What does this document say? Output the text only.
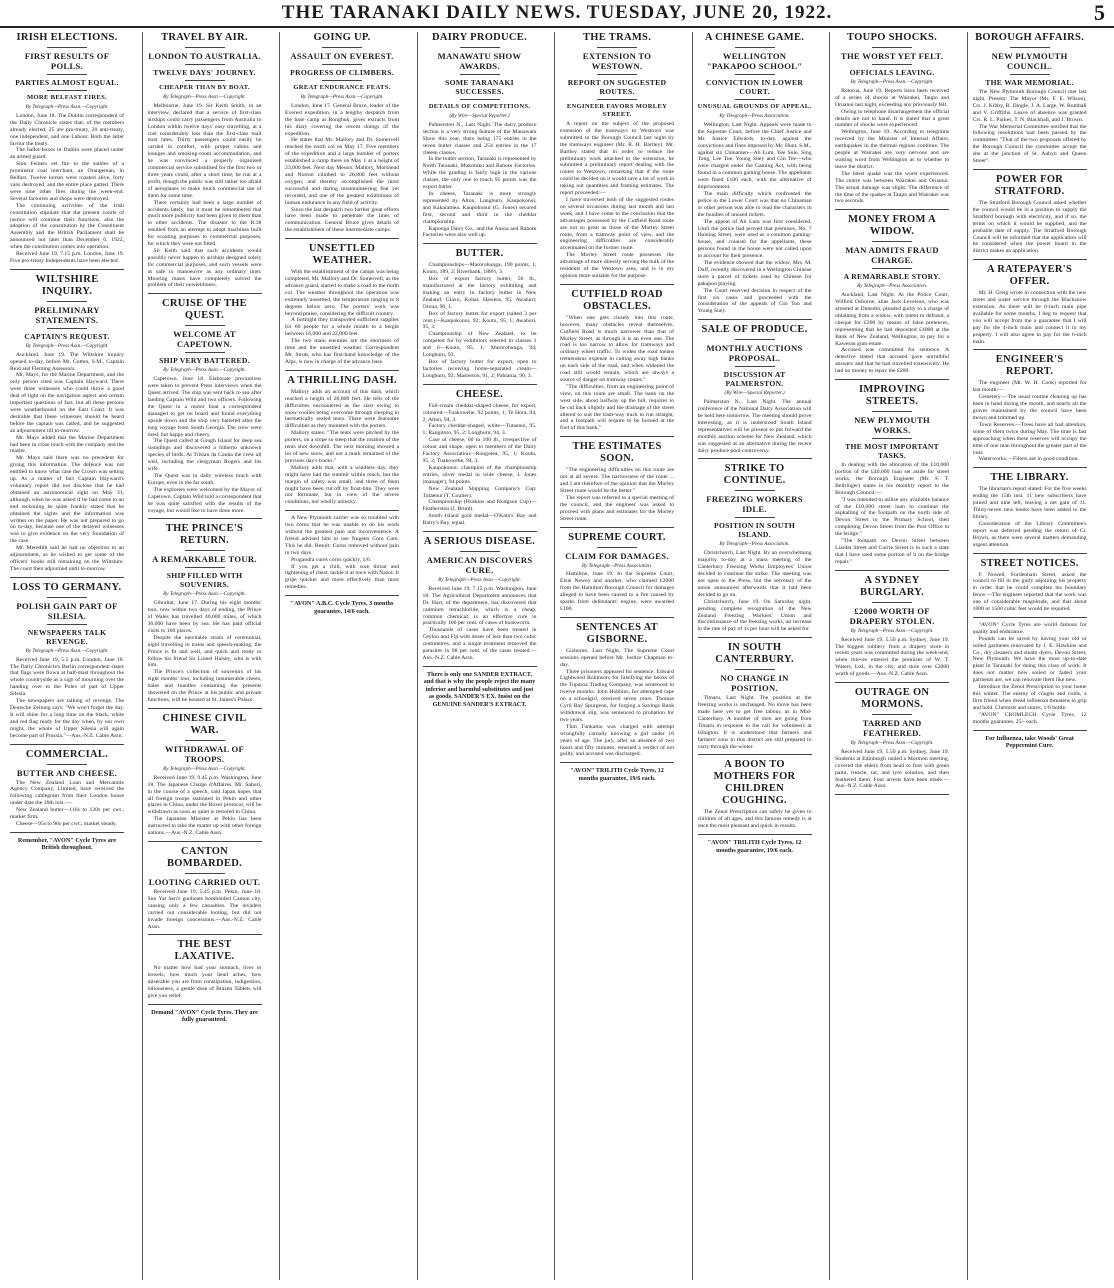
THE TARANAKI DAILY NEWS. TUESDAY, JUNE 20, 1922.	5
IRISH ELECTIONS.
FIRST RESULTS OF POLLS.
PARTIES ALMOST EQUAL.
MORE BELFAST FIRES.
By Telegraph—Press Assn.—Copyright.

London, June 18. The Dublin correspondent of the Daily Chronicle states that, of the members already elected, 25 are pro-treaty, 20 anti-treaty, one independent, and one Labour. Both the latter favour the treaty.

The ballot-boxes in Dublin were placed under an armed guard.

Sinn Feiners set fire to the stables of a prominent coal merchant, an Orangeman, in Belfast. Twelve horses were roasted alive, forty vans destroyed, and the entire place gutted. There were nine other fires during the week-end. Several factories and shops were destroyed.

The continuing activities of the Irish constitution stipulate that the present courts of justice will continue their functions, also the adoption of the constitution by the Constituent Assembly and the British Parliament shall be announced not later than December 6, 1922, when the constitution comes into operation.

Received June 19, 7.15 p.m. London, June 19. Five pro-treaty Independents have been elected.

WILTSHIRE INQUIRY.
PRELIMINARY STATEMENTS.
CAPTAIN'S REQUEST.
By Telegraph—Press Assn.—Copyright.

Auckland, June 19. The Wiltshire inquiry opened to-day, before Mr. Cutten, S.M., Captain Reid and Fleming Assessors.

Mr. Mays, for the Marine Department, and the only person cited was Captain Hayward. There were three witnesses who could throw a good deal of light on the navigation aspect and certain important questions of fact, but all these persons were weatherbound on the East Coast. It was desirable that these witnesses should be heard before the captain was called, and he suggested an adjournment till to-morrow.

Mr. Mays added that the Marine Department had been in close touch with the company and the master.

Mr. Mays said there was no precedent for giving this information. The defence was not entitled to know what case the Crown was setting up. As a matter of fact Captain Hayward's voluntary report did not disclose that he had obtained an astronomical sight on May 31, although when he was asked if he had come to an end reckoning he quite frankly stated that he obtained the sights and the information was written on the paper. He was not prepared to go on to-day, because one of the delayed witnesses was to give evidence on the very foundation of the case.

Mr. Meredith said he had no objection to an adjournment, as he wished to get some of the officers' books still remaining on the Wiltshire. The court then adjourned until to-morrow.

LOSS TO GERMANY.
POLISH GAIN PART OF SILESIA.
NEWSPAPERS TALK REVENGE.
By Telegraph—Press Assn.—Copyright.

Received June 19, 5.5 p.m. London, June 18. The Daily Chronicle's Berlin correspondent states that flags were flown at half-mast throughout the whole countryside as a sign of mourning over the handing over to the Poles of part of Upper Silesia.

The newspapers are talking of revenge. The Deutsche Zeitung says: "We won't forget the day. It will shine for a long time on the black, white and red flag ready for the day when, by our own might, the whole of Upper Silesia will again become part of Prussia."—Aus.-N.Z. Cable Assn.

COMMERCIAL.
BUTTER AND CHEESE.

The New Zealand Loan and Mercantile Agency Company, Limited, have received the following cablegram from their London house under date the 16th inst.:—

New Zealand butter—116s to 120s per cwt.; market firm.

Cheese—95s to 96s per cwt.; market steady.

Remember, "AVON" Cycle Tyres are British throughout.
TRAVEL BY AIR.
LONDON TO AUSTRALIA.
TWELVE DAYS' JOURNEY.
CHEAPER THAN BY BOAT.
By Telegraph—Press Assn.—Copyright.

Melbourne, June 19. Sir Keith Smith, in an interview, declared that a service of first-class airships could carry passengers from Australia to London within twelve days' easy travelling, at a cost considerably less than the first-class mail boat rates. Thirty passengers could easily be carried in comfort, with proper cabins and lounges and smoking-room accommodation, and he was convinced a properly organised commercial service subsidised for the first two or three years could, after a short time, be run at a profit, though the public was still rather too afraid of aeroplanes to make much commercial use of them for some time.

There certainly had been a large number of accidents lately, but it must be remembered that much more publicity had been given to them than to other accidents. The disaster to the R.38 resulted from an attempt to adopt machines built for scouting purposes to commercial purposes, for which they were not fitted.

Sir Keith said that such accidents would possibly never happen to airships designed solely for commercial purposes, and such vessels were as safe to manoeuvre as any ordinary liner. Mooring masts have completely solved the problem of their unwieldiness.

CRUISE OF THE QUEST.
WELCOME AT CAPETOWN.
SHIP VERY BATTERED.
By Telegraph—Press Assn.—Copyright.

Capetown, June 18. Elaborate precautions were taken to prevent Press interviews when the Quest arrived. The ship was sent back to sea after landing Captain Wild and two officers. Following the Quest in a motor boat a correspondent managed to get on board and found everything upside down and the ship very battered after the long voyage from South Georgia. The crew were tired, but happy and cheery.

The Quest called at Gough Island for deep sea soundings and discovered a hitherto unknown species of birds. At Tristan da Cunha the crew all well, including the clergyman Rogers and his wife.

The Quest was in daily wireless touch with Europe, even in the far south.

The explorers were welcomed by the Mayor of Capetown. Captain Wild told a correspondent that he was quite satisfied with the results of the voyage, but would like to have done more.

THE PRINCE'S RETURN.
A REMARKABLE TOUR.
SHIP FILLED WITH SOUVENIRS.
By Telegraph—Press Assn.—Copyright.

Gibraltar, June 17. During his eight months' tour, now within two days of ending, the Prince of Wales has travelled 40,000 miles, of which 36,000 have been by sea. He has paid official visits to 160 places.

Despite the inevitable strain of ceremonial, night travelling in trains and speech-making, the Prince is fit and well, and quick and ready to follow his friend Sir Lionel Halsey, who is with him.

The Prince's collection of souvenirs of his eight months' tour, including innumerable chests, bales and bundles containing the presents showered on the Prince at his public and private functions, will be housed at St. James's Palace.

CHINESE CIVIL WAR.
WITHDRAWAL OF TROOPS.
By Telegraph—Press Assn.—Copyright.

Received June 19, 9.45 p.m. Washington, June 18. The Japanese Charge d'Affaires, Mr. Saburi, in the course of a speech, said Japan hopes that all foreign troops stationed in Pekin and other places in China, under the Boxer protocol, will be withdrawn as soon as quiet is restored in China.

The Japanese Minister at Pekin has been instructed to take the matter up with other foreign nations.—Aus.-N.Z. Cable Assn.

CANTON BOMBARDED.
LOOTING CARRIED OUT.

Received June 19, 5.45 p.m. Pekin, June 18. Sun Yat Sen's gunboats bombarded Canton city, causing only a few casualties. The invaders carried out considerable looting, but did not invade foreign concessions.—Aus.-N.Z. Cable Assn.

THE BEST LAXATIVE.

No matter how bad your stomach, liver or bowels, how much your head aches, how miserable you are from constipation, indigestion, biliousness, a gentle dose of Brazen Tablets will give you relief.

Demand "AVON" Cycle Tyres. They are fully guaranteed.
GOING UP.
ASSAULT ON EVEREST.
PROGRESS OF CLIMBERS.
GREAT ENDURANCE FEATS.
By Telegraph—Press Assn.—Copyright.

London, June 17. General Bruce, leader of the Everest expedition, in a lengthy despatch from the base camp at Rongbuk, gives extracts from his diary covering the recent doings of the expedition.

He states that Mr. Mallory and Dr. Somervell reached the north col on May 17. Five members of the expedition and a large number of porters established a camp there on May 1 at a height of 23,000 feet. Next day Messrs. Mallory, Morshead and Norton climbed to 26,800 feet without oxygen, and thereby accomplished the most successful and daring mountaineering feat yet recorded, and one of the greatest exhibitions of human endurance in any field of activity.

Since the last despatch two further great efforts have been made to penetrate the lines of communication. General Bruce gives details of the establishment of these intermediate camps.

UNSETTLED WEATHER.

With the establishment of the camps was being completed, Mr. Mallory and Dr. Somervell, as the advance guard, started to make a road to the north col. The weather throughout the operation was extremely unsettled, the temperature ranging to 8 degrees below zero. The porters' work was beyond praise, considering the difficult country.

A fortnight they transported sufficient supplies for 60 people for a whole month to a height between 16,000 and 22,000 feet.

The two main enemies are the shortness of time and the unsettled weather. Correspondent Mr. Strutt, who has first-hand knowledge of the Alps, is now in charge of the advance base.

A THRILLING DASH.

Mallory adds an account of this dash, which reached a height of 26,800 feet. He tells of the difficulties encountered as the start owing to snow coolies being overcome through sleeping in hermetically sealed tents. There were fearsome difficulties as they mounted with the porters.

Mallory states: "The tents were pitched by the porters, on a slope so steep that the rotation of the tents shot downhill. The next morning showed a lot of new snow, and not a mark remained of the previous day's tracks."

Mallory adds that, with a windless day, they might have had the summit within reach, but the margin of safety was small, and three of them might have been cut off by frost-bite. They were not fortunate, but in view of the severe conditions, not wholly unlucky.

A New Plymouth carrier was so troubled with two corns that he was unable to do his work without the greatest pain and inconvenience. A friend advised him to use Nugeen Corn Cure. This he did. Result: Corns removed without pain in two days.

Progandra cures corns quickly, 1/6.

If you get a chill, with sore throat and tightening of chest, tackle it at once with Nazol. It gripe quicker and more effectively than most remedies.

"AVON" A.B.C. Cycle Tyres, 3 months guarantee, 14/6 each.
DAIRY PRODUCE.
MANAWATU SHOW AWARDS.
SOME TARANAKI SUCCESSES.
DETAILS OF COMPETITIONS.
(By Wire—Special Reporter.)

Palmerston N., Last Night. The dairy produce section is a very strong feature of the Manawatu Show this year, there being 175 entries in the seven butter classes and 254 entries in the 17 cheese classes.

In the butter section, Taranaki is represented by North Taranaki, Makotuku and Rahotu Factories. While the grading is fairly high in the various classes, the only one to touch 95 points was the export butter.

In cheese, Taranaki is more strongly represented by Alton, Longburn, Kaupokonui, and Kakaramea. Kaupokonui (G. Jones) secured first, second and third in the cheddar championship.

Kaponga Dairy Co., and the Auroa and Rahotu Factories were also well up.

BUTTER.

Championships—Marorohunga, 190 points, 1; Koutu, 189, 2; Riverbank, 188½, 3.

Box of export factory butter, 56 lb., manufactured at the factory exhibiting and making an entry in factory butter in New Zealand: Glaxo, Kohai; Hawera, 95; Awahuri; Oroua, 96, 1.

Box of factory butter for export (salted 3 per cent.)—Kaupokonui, 92; Koutu, 95, 1; Awahuri, 95, 3.

Championship of New Zealand, to be competed for by exhibitors entered in classes 1 and 6—Koutu, 95, 1; Marorohunga, 94; Longburn, 93.

Box of factory butter for export, open to factories receiving home-separated cream—Longburn, 92; Masterton, 91, 2; Pahiatua, 90, 3.

CHEESE.

Full-cream cheddar-shaped cheese, for export, coloured—Tuakowehe, 92 points, 1; Te Hora, 94, 2; Alton, 94, 3.

Factory cheddar-shaped, white—Tutaenui, 95, 1; Rangitoto, 95, 2; Longburn, 94, 3.

Case of cheese, 60 to 100 lb., irrespective of colour and shape, open to members of the Dairy Factory Association—Rongotea, 95, 1; Koutu, 95, 2; Tuakowehe, 94, 3.

Kaupokonui: champion of the championship entries, silver medal in wide cheese, J. Jones (manager), 94 points.

New Zealand Shipping Company's Cup: Tutaenui (T. Coulter).

Championship (Hoskins and Hodgson Cup)—Featherston (J. Brunt).

South Island gold medal—O'Kain's Bay and Barry's Bay, equal.

A SERIOUS DISEASE.
AMERICAN DISCOVERS CURE.
By Telegraph—Press Assn.—Copyright.

Received June 19, 7.15 p.m. Washington, June 18. The Agricultural Department announces that Dr. Hart, of the department, has discovered that cadmium tetrachloride, which is a cheap, common chemical, is an effective cure in practically 100 per cent. of cases of hookworm.

Thousands of cases have been treated in Ceylon and Fiji with doses of less than two cubic centimetres, and a single treatment removed the parasites in 98 per cent. of the cases treated.—Aus.-N.Z. Cable Assn.

There is only one SANDER EXTRACT, and that is why the people reject the many inferior and harmful substitutes and just as goods. SANDER'S EX. Insist on the GENUINE SANDER'S EXTRACT.
THE TRAMS.
EXTENSION TO WESTOWN.
REPORT ON SUGGESTED ROUTES.
ENGINEER FAVORS MORLEY STREET.

A report on the subject of the proposed extension of the tramways to Westown was submitted to the Borough Council last night by the tramways engineer (Mr. R. H. Bartley). Mr. Bartley stated that in order to reduce the preliminary work attached to the extension, he submitted a preliminary report dealing with the routes to Westown, remarking that if the route could be decided on it would save a lot of work in taking out quantities and framing estimates. The report proceeded:—

I have traversed both of the suggested routes on several occasions during last month and last week, and I have come to the conclusion that the advantages possessed by the Cutfield Road route are not so great as those of the Morley Street route, from a tramway point of view, and the engineering difficulties are considerably accentuated on the former route.

The Morley Street route possesses the advantage of more directly serving the bulk of the residents of the Westown area, and is in my opinion more suitable for the purpose.

CUTFIELD ROAD OBSTACLES.

"When one gets closely into this route, however, many obstacles reveal themselves. Cutfield Road is much narrower than that of Morley Street, as through it is an even one. The road is too narrow to allow for tramways and ordinary wheel traffic. To widen the road means tremendous expense in cutting away high banks on each side of the road, and when widened the road still would remain, which are always a source of danger on tramway routes."

"The difficulties, from an engineering point of view, on this route are small. The bank on the west side, about halfway up the hill, requires to be cut back slightly and the drainage of the street altered to suit the tram-way track to run straight, and a footpath will require to be formed at the foot of this bank."

THE ESTIMATES SOON.

"The engineering difficulties on this route are not at all severe. The narrowness of the route ... and I am therefore of the opinion that the Morley Street route would be the better."

The report was referred to a special meeting of the council, and the engineer was asked to proceed with plans and estimates for the Morley Street route.

SUPREME COURT.
CLAIM FOR DAMAGES.
By Telegraph—Press Association.

Hamilton, June 19. In the Supreme Court, Elsie Newey and another, who claimed £2000 from the Hamilton Borough Council for damages alleged to have been caused to a fire caused by sparks from defendants' engine, were awarded £100.

SENTENCES AT GISBORNE.

Gisborne, Last Night. The Supreme Court sessions opened before Mr. Justice Chapman to-day.

Three prisoners appeared for sentence. Edward Lightwood Robinson, for falsifying the books of the Tuparoa Trading Company, was sentenced to twelve months. John Hobbins, for attempted rape on a schoolgirl, received seven years. Thomas Cyril Ray Spurgeon, for forging a Savings Bank withdrawal slip, was sentenced to probation for two years.

Thm Tunkamo was charged with attempt wrongfully carnally knowing a girl under 16 years of age. The jury, after an absence of two hours and fifty minutes, returned a verdict of not guilty, and accused was discharged.

"AVON" TRILITH Cycle Tyres, 12 months guarantee, 19/6 each.
A CHINESE GAME.
WELLINGTON "PAKAPOO SCHOOL"
CONVICTION IN LOWER COURT.
UNUSUAL GROUNDS OF APPEAL.
By Telegraph—Press Association.

Wellington, Last Night. Appeals were made to the Supreme Court, before the Chief Justice and Mr. Justice Edwards, to-day, against the convictions and fines imposed by Mr. Hunt, S.M., against six Chinamen—Ah Lum, Yee Suie, Sing Tong, Lee Toe, Young Suey and Gin Tee—who were charged under the Gaming Act, with being found in a common gaming house. The appellants were fined £100 each, with the alternative of imprisonment.

The main difficulty which confronted the police in the Lower Court was that no Chinaman or other person was able to read the characters in the bundles of unused tickets.

The appeal of Ah Lum was first considered. Until the police had proved that premises, No. 7 Haining Street, were used as a common gaming-house, and counsel for the appellants, these persons found in the house were not called upon to account for their presence.

The evidence showed that the widow, Mrs. M. Duff, recently discovered in a Wellington Chinese store a parcel of tickets used by Chinese for pakapoo playing.

The Court reserved decision in respect of the first six cases and proceeded with the consideration of the appeals of Gin Ton and Young Suey.

SALE OF PRODUCE.
MONTHLY AUCTIONS PROPOSAL.
DISCUSSION AT PALMERSTON.
(By Wire—Special Reporter.)

Palmerston N., Last Night. The annual conference of the National Dairy Association will be held here tomorrow. The meeting should prove interesting, as it is understood South Island representatives will be present to put forward the monthly auction scheme for New Zealand, which was suggested as an alternative during the recent dairy produce pool controversy.

STRIKE TO CONTINUE.
FREEZING WORKERS IDLE.
POSITION IN SOUTH ISLAND.
By Telegraph—Press Association.

Christchurch, Last Night. By an overwhelming majority to-day at a mass meeting of the Canterbury Freezing Works Employees' Union decided to continue the strike. The meeting was not open to the Press, but the secretary of the union announced afterwards that it had been decided to go on.

Christchurch, June 19. On Saturday night, pending complete recognition of the New Zealand Freezing Workers' Union and discontinuance of the freezing works, an increase in the rate of pay of 1s per hour will be asked for.

IN SOUTH CANTERBURY.
NO CHANGE IN POSITION.

Timaru, Last Night. The position at the freezing works is unchanged. No move has been made here yet to get free labour, as in Mid-Canterbury. A number of men are going from Timaru in response to the call for volunteers at Islington. It is understood that farmers and farmers' sons in this district are still prepared to carry through the winter.

A BOON TO MOTHERS FOR CHILDREN COUGHING.

The Zenol Prescription can safely be given to children of all ages, and this famous remedy is at once the most pleasant and quick in results.

"AVON" TRILITH Cycle Tyres, 12 months guarantee, 19/6 each.
TOUPO SHOCKS.
THE WORST YET FELT.
OFFICIALS LEAVING.
By Telegraph—Press Assn.—Copyright.

Rotorua, June 19. Reports have been received of a series of shocks at Wairakei, Taupo and Oruanui last night, exceeding any previously felt.

Owing to telephone disarrangement the official details are not to hand. It is stated that a great number of shocks were experienced.

Wellington, June 19. According to telegrams received by the Minister of Internal Affairs, earthquakes in the thermal regions continue. The people at Wairakei are very nervous and are waiting word from Wellington as to whether to leave the district.

The latest quake was the worst experienced. The centre was between Wairakei and Oruanui. The actual damage was slight. The difference of the time of the quakes at Taupo and Wairakei was two seconds.

MONEY FROM A WIDOW.
MAN ADMITS FRAUD CHARGE.
A REMARKABLE STORY.
By Telegraph—Press Association.

Auckland, Last Night. At the Police Court, Wilfred Osborne, alias Jack Leveison, who was arrested at Dunedin, pleaded guilty to a charge of obtaining from a widow, with intent to defraud, a cheque for £200 by means of false pretences, representing that he had deposited £4000 at the Bank of New Zealand, Wellington, to pay for a Kawerau gum estate.

Accused was committed for sentence. A detective stated that accused gave untruthful answers and that he had travelled extensively. He had no money to repay the £200.

IMPROVING STREETS.
NEW PLYMOUTH WORKS.
THE MOST IMPORTANT TASKS.

In dealing with the allocation of the £10,000 portion of the £40,000 loan set aside for street works, the Borough Engineer (Mr. F. T. Bellringer) states in his monthly report to the Borough Council:—

"I was intended to utilise any available balance of the £10,000 street loan to continue the asphalting of the footpath on the north side of Devon Street to the Primary School, then completing Devon Street from the Post Office to the bridge."

"The footpath on Devon Street between Liardet Street and Currie Street is in such a state that I have used some portion of it on the bridge repair."

A SYDNEY BURGLARY.
£2000 WORTH OF DRAPERY STOLEN.
By Telegraph—Press Assn.—Copyright.

Received June 19, 5.50 p.m. Sydney, June 19. The biggest robbery from a drapery store in recent years was committed during the week-end, when thieves entered the premises of W. T. Waters, Ltd., in the city, and stole over £2000 worth of goods.—Aus.-N.Z. Cable Assn.

OUTRAGE ON MORMONS.
TARRED AND FEATHERED.
By Telegraph—Press Assn.—Copyright.

Received June 19, 5.50 p.m. Sydney, June 19. Students at Edinburgh raided a Mormon meeting, covered the elders from head to foot with green paint, treacle, tar, and tyre solution, and then feathered them. Four arrests have been made.—Aus.-N.Z. Cable Assn.

BOROUGH AFFAIRS.
NEW PLYMOUTH COUNCIL.
THE WAR MEMORIAL.

The New Plymouth Borough Council met last night. Present: The Mayor (Mr. F. E. Wilson), Crs. J. Kibby, R. Dingle, J. A. Large, W. Rumball and V. Griffiths. Leave of absence was granted Crs. R. L. Parkes, T. N. Blackhall, and J. Brown.

The War Memorial Committee notified that the following resolutions had been passed by the committee: "That of the two proposals offered by the Borough Council the committee accept the site at the junction of St. Aubyn and Queen Street".

POWER FOR STRATFORD.

The Stratford Borough Council asked whether the council would be in a position to supply the Stratford borough with electricity, and if so, the terms on which it would be supplied, and the probable date of supply. The Stratford Borough Council will be informed that the application will be considered when the power board in the district makes an application.

A RATEPAYER'S OFFER.

Mr. H. Greig wrote in connection with the new street and water service through the Blacksnow extension. As there will be 6-inch main pipe available for some months, I beg to request that you will accept from me a guarantee that I will pay for the 4-inch main and connect it to my property. I will also agree to pay for the 6-inch main.

ENGINEER'S REPORT.

The engineer (Mr. W. H. Cook) reported for last month:—

Cemetery.—The usual routine cleaning up has been in hand during the month, and nearly all the graves maintained by the council have been mown and trimmed up.

Town Reserves.—Trees have all had attention, some of them twice during May. The time is fast approaching when these reserves will occupy the time of one man throughout the greater part of the year.

Waterworks.—Filters are in good condition.

THE LIBRARY.

The librarian's report stated: For the five weeks ending the 15th inst. 11 new subscribers have joined and nine left, leaving a net gain of 11. Thirty-seven new books have been added to the library.

Consideration of the Library Committee's report was deferred pending the return of Cr. Brown, as there were several matters demanding urgent attention.

STREET NOTICES.

F. Nowell, Fordenham Street, asked the council to fill in the gully adjoining his property in order that he could complete his boundary fence.—The engineer reported that the work was one of considerable magnitude, and that about 1000 or 1500 cubic feet would be required.

"AVON" Cycle Tyres are world famous for quality and endurance.

Pounds can be saved by having your old or soiled garments renovated by J. E. Hawkins and Co., dry cleaners and steam dyers, Devon Street, New Plymouth. We have the most up-to-date plant in Taranaki for doing this class of work. It does not matter how soiled or faded your garments are, we can renovate them like new.

Introduce the Zenol Prescription to your home this winter. The enemy of coughs and colds, a firm friend when dread influenza threatens to grip and hold. Chemists and stores, 1/6 bottle.

"AVON" CROMLECH Cycle Tyres, 12 months guarantee, 25/- each.

For Influenza, take Woods' Great Peppermint Cure.
